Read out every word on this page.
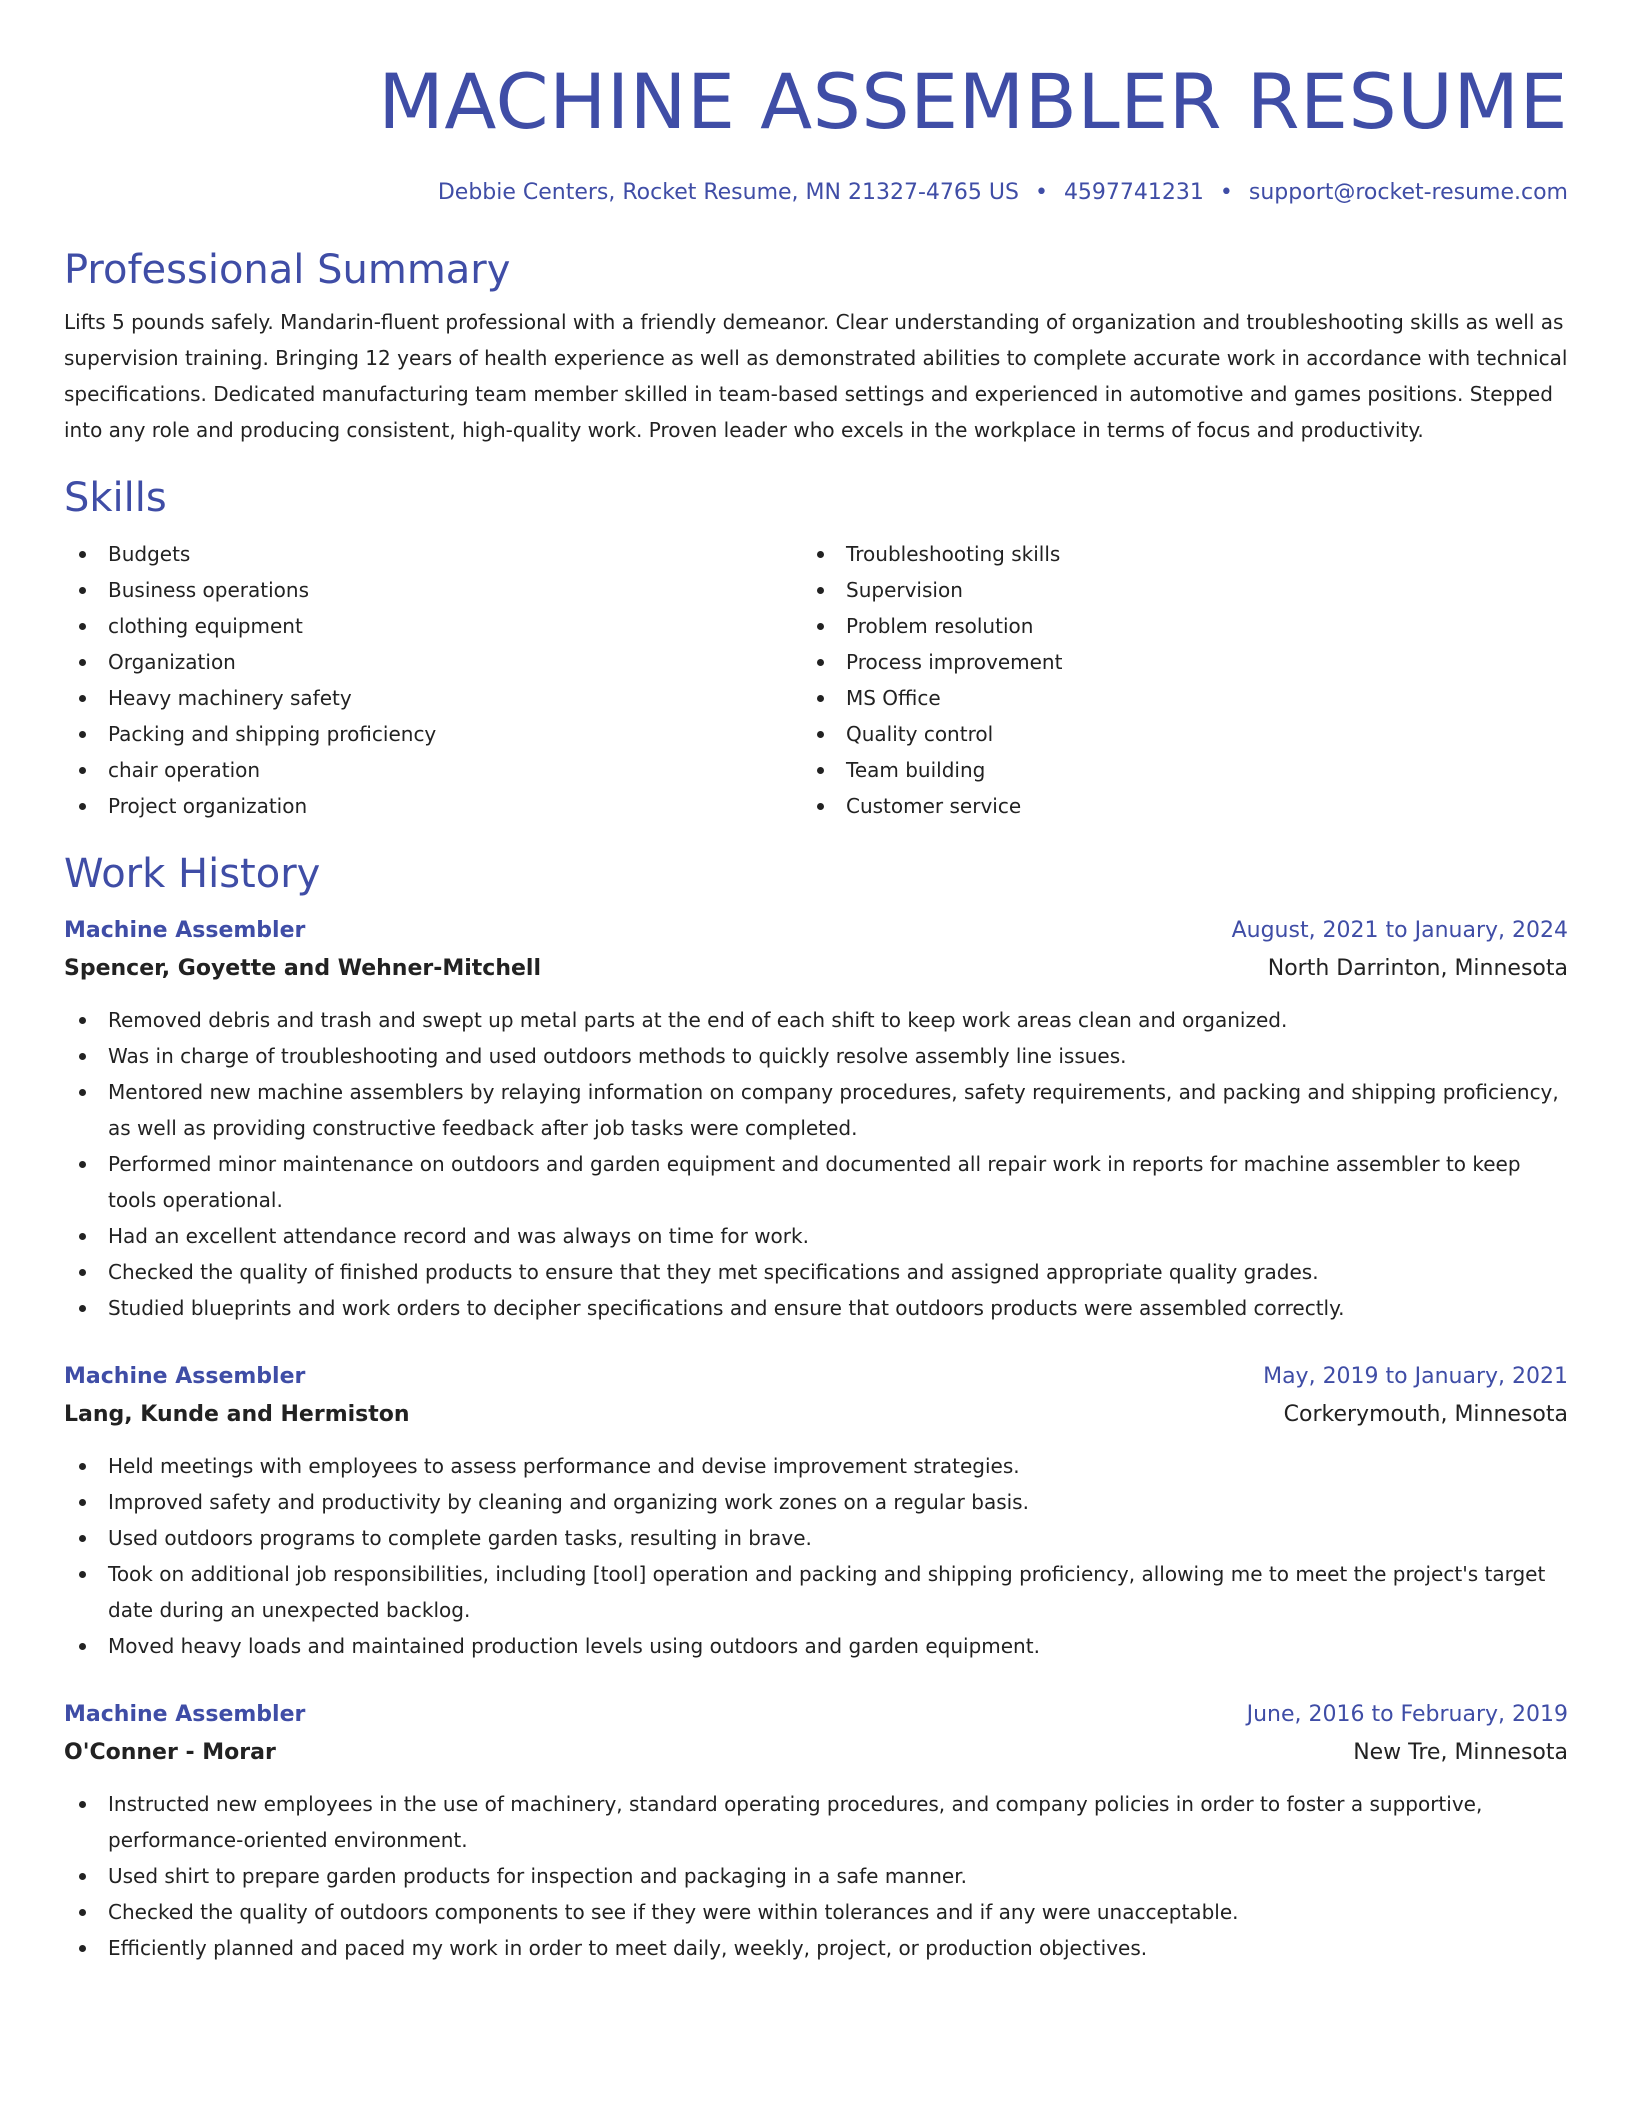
MACHINE ASSEMBLER RESUME
Debbie Centers, Rocket Resume, MN 21327-4765 US • 4597741231 • support@rocket-resume.com
Professional Summary
Lifts 5 pounds safely. Mandarin-fluent professional with a friendly demeanor. Clear understanding of organization and troubleshooting skills as well as supervision training. Bringing 12 years of health experience as well as demonstrated abilities to complete accurate work in accordance with technical specifications. Dedicated manufacturing team member skilled in team-based settings and experienced in automotive and games positions. Stepped into any role and producing consistent, high-quality work. Proven leader who excels in the workplace in terms of focus and productivity.
Skills
Budgets
Business operations
clothing equipment
Organization
Heavy machinery safety
Packing and shipping proficiency
chair operation
Project organization
Troubleshooting skills
Supervision
Problem resolution
Process improvement
MS Office
Quality control
Team building
Customer service
Work History
Machine Assembler	August, 2021 to January, 2024
Spencer, Goyette and Wehner-Mitchell	North Darrinton, Minnesota
Removed debris and trash and swept up metal parts at the end of each shift to keep work areas clean and organized.
Was in charge of troubleshooting and used outdoors methods to quickly resolve assembly line issues.
Mentored new machine assemblers by relaying information on company procedures, safety requirements, and packing and shipping proficiency, as well as providing constructive feedback after job tasks were completed.
Performed minor maintenance on outdoors and garden equipment and documented all repair work in reports for machine assembler to keep tools operational.
Had an excellent attendance record and was always on time for work.
Checked the quality of finished products to ensure that they met specifications and assigned appropriate quality grades.
Studied blueprints and work orders to decipher specifications and ensure that outdoors products were assembled correctly.
Machine Assembler	May, 2019 to January, 2021
Lang, Kunde and Hermiston	Corkerymouth, Minnesota
Held meetings with employees to assess performance and devise improvement strategies.
Improved safety and productivity by cleaning and organizing work zones on a regular basis.
Used outdoors programs to complete garden tasks, resulting in brave.
Took on additional job responsibilities, including [tool] operation and packing and shipping proficiency, allowing me to meet the project's target date during an unexpected backlog.
Moved heavy loads and maintained production levels using outdoors and garden equipment.
Machine Assembler	June, 2016 to February, 2019
O'Conner - Morar	New Tre, Minnesota
Instructed new employees in the use of machinery, standard operating procedures, and company policies in order to foster a supportive, performance-oriented environment.
Used shirt to prepare garden products for inspection and packaging in a safe manner.
Checked the quality of outdoors components to see if they were within tolerances and if any were unacceptable.
Efficiently planned and paced my work in order to meet daily, weekly, project, or production objectives.
